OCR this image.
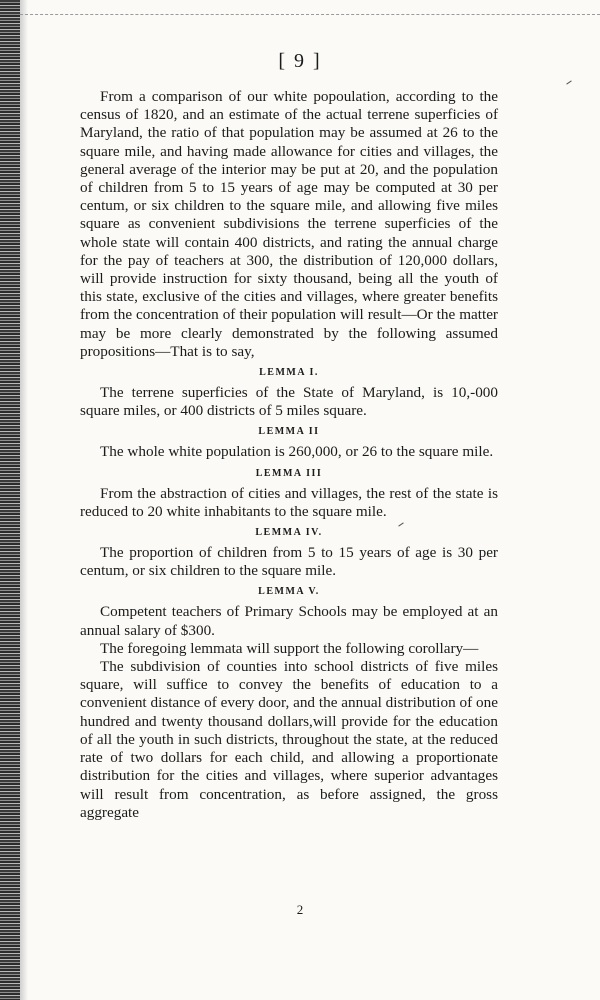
[ 9 ]

From a comparison of our white popoulation, according to the census of 1820, and an estimate of the actual terrene superficies of Maryland, the ratio of that population may be assumed at 26 to the square mile, and having made allowance for cities and villages, the general average of the interior may be put at 20, and the population of children from 5 to 15 years of age may be computed at 30 per centum, or six children to the square mile, and allowing five miles square as convenient subdivisions the terrene superficies of the whole state will contain 400 districts, and rating the annual charge for the pay of teachers at 300, the distribution of 120,000 dollars, will provide instruction for sixty thousand, being all the youth of this state, exclusive of the cities and villages, where greater benefits from the concentration of their population will result—Or the matter may be more clearly demonstrated by the following assumed propositions—That is to say,

LEMMA I.

The terrene superficies of the State of Maryland, is 10,-000 square miles, or 400 districts of 5 miles square.

LEMMA II

The whole white population is 260,000, or 26 to the square mile.

LEMMA III

From the abstraction of cities and villages, the rest of the state is reduced to 20 white inhabitants to the square mile.

LEMMA IV.

The proportion of children from 5 to 15 years of age is 30 per centum, or six children to the square mile.

LEMMA V.

Competent teachers of Primary Schools may be employed at an annual salary of $300.

The foregoing lemmata will support the following corollary—

The subdivision of counties into school districts of five miles square, will suffice to convey the benefits of education to a convenient distance of every door, and the annual distribution of one hundred and twenty thousand dollars,will provide for the education of all the youth in such districts, throughout the state, at the reduced rate of two dollars for each child, and allowing a proportionate distribution for the cities and villages, where superior advantages will result from concentration, as before assigned, the gross aggregate

2
